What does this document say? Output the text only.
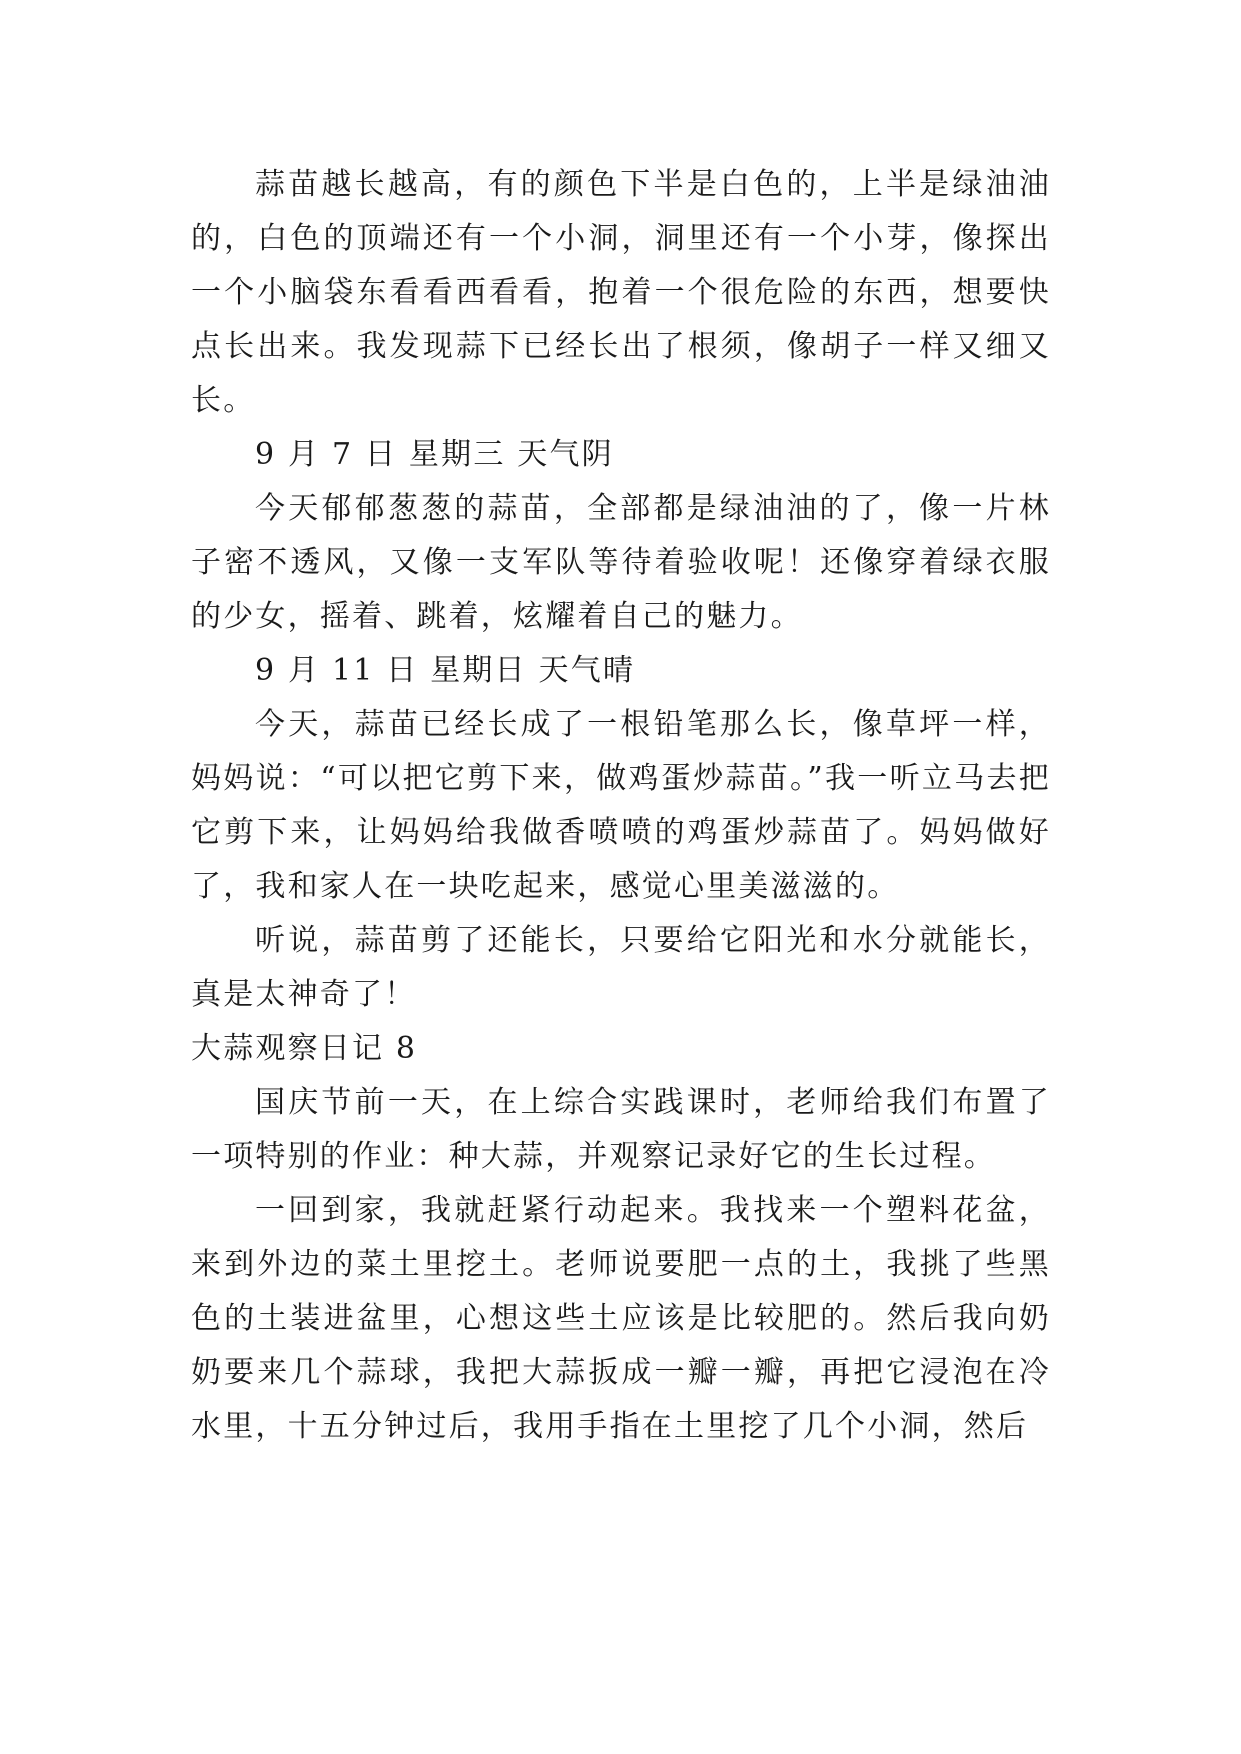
蒜苗越长越高，有的颜色下半是白色的，上半是绿油油的，白色的顶端还有一个小洞，洞里还有一个小芽，像探出一个小脑袋东看看西看看，抱着一个很危险的东西，想要快点长出来。我发现蒜下已经长出了根须，像胡子一样又细又长。

9 月 7 日 星期三 天气阴

今天郁郁葱葱的蒜苗，全部都是绿油油的了，像一片林子密不透风，又像一支军队等待着验收呢！还像穿着绿衣服的少女，摇着、跳着，炫耀着自己的魅力。

9 月 11 日 星期日 天气晴

今天，蒜苗已经长成了一根铅笔那么长，像草坪一样，妈妈说：“可以把它剪下来，做鸡蛋炒蒜苗。”我一听立马去把它剪下来，让妈妈给我做香喷喷的鸡蛋炒蒜苗了。妈妈做好了，我和家人在一块吃起来，感觉心里美滋滋的。

听说，蒜苗剪了还能长，只要给它阳光和水分就能长，真是太神奇了！

大蒜观察日记 8

国庆节前一天，在上综合实践课时，老师给我们布置了一项特别的作业：种大蒜，并观察记录好它的生长过程。

一回到家，我就赶紧行动起来。我找来一个塑料花盆，来到外边的菜土里挖土。老师说要肥一点的土，我挑了些黑色的土装进盆里，心想这些土应该是比较肥的。然后我向奶奶要来几个蒜球，我把大蒜扳成一瓣一瓣，再把它浸泡在冷水里，十五分钟过后，我用手指在土里挖了几个小洞，然后
